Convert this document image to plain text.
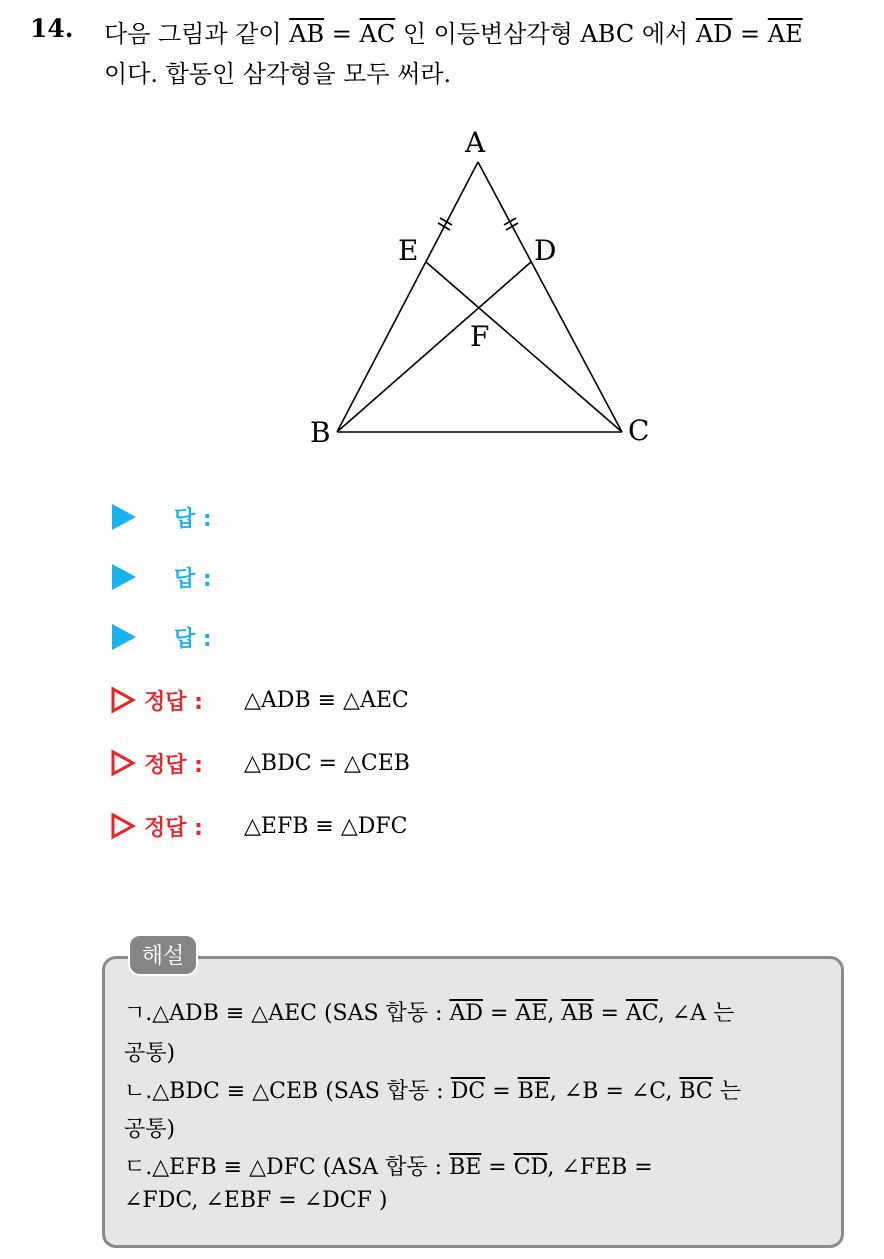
14. 다음 그림과 같이 $\overline{AB} = \overline{AC}$ 인 이등변삼각형 ABC 에서 $\overline{AD} = \overline{AE}$
이다. 합동인 삼각형을 모두 써라.
A
B	C
D
E
F
답 :
답 :
답 :
정답 :	△ADB ≡ △AEC
정답 :	△BDC = △CEB
정답 :	△EFB ≡ △DFC
해설
ㄱ.△ADB ≡ △AEC (SAS 합동 : $\overline{AD} = \overline{AE}$, $\overline{AB} = \overline{AC}$, ∠A 는
공통)
ㄴ.△BDC ≡ △CEB (SAS 합동 : $\overline{DC} = \overline{BE}$, ∠B = ∠C, $\overline{BC}$ 는
공통)
ㄷ.△EFB ≡ △DFC (ASA 합동 : $\overline{BE} = \overline{CD}$, ∠FEB =
∠FDC, ∠EBF = ∠DCF )
